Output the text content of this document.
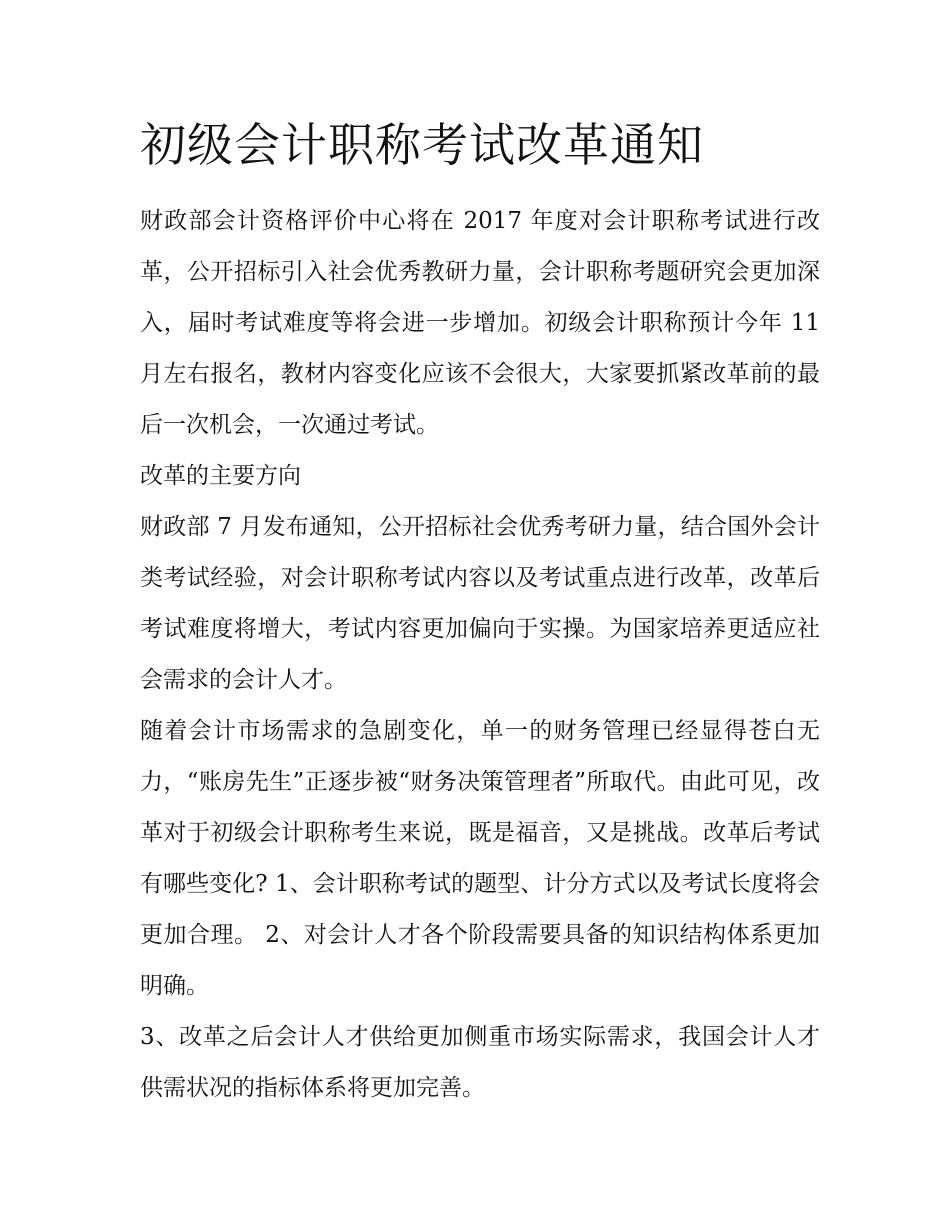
初级会计职称考试改革通知

财政部会计资格评价中心将在 2017 年度对会计职称考试进行改革，公开招标引入社会优秀教研力量，会计职称考题研究会更加深入，届时考试难度等将会进一步增加。初级会计职称预计今年 11 月左右报名，教材内容变化应该不会很大，大家要抓紧改革前的最后一次机会，一次通过考试。

改革的主要方向

财政部 7 月发布通知，公开招标社会优秀考研力量，结合国外会计类考试经验，对会计职称考试内容以及考试重点进行改革，改革后考试难度将增大，考试内容更加偏向于实操。为国家培养更适应社会需求的会计人才。

随着会计市场需求的急剧变化，单一的财务管理已经显得苍白无力，“账房先生”正逐步被“财务决策管理者”所取代。由此可见，改革对于初级会计职称考生来说，既是福音，又是挑战。改革后考试有哪些变化? 1、会计职称考试的题型、计分方式以及考试长度将会更加合理。 2、对会计人才各个阶段需要具备的知识结构体系更加明确。

3、改革之后会计人才供给更加侧重市场实际需求，我国会计人才供需状况的指标体系将更加完善。
